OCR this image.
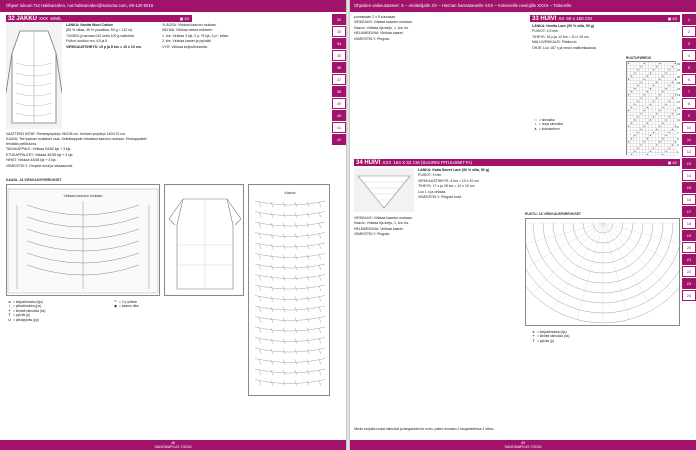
Ohjeet lukuun Tut Hakkareiden, nut.hakkareiden@sanoma.com, 09-120 5016
32 JAKKU XXX S/M/L	▣ 63

LANKA: Novita Wool Cotton

(55 % villaa, 45 % puuvillaa, 50 g = 112 m).

700/800 g harmaa 043 sekä 100 g valkoista

Puikot: koukku nro 4,5 ja 5

VIRKKAUSTIHEYS: 15 p ja 8 krs = 10 x 10 cm.

VAATTEEN MITAT: Rinnanympärys 96/108 cm, helman ympärys 160/170 cm.

KAAVA: Tee kaavan mukaiset osat. Selkäkappale virkataan kaavion mukaan. Etukappaleet tehdään peilikuvina.

TAKAKAPPALE: Virkkaa 54/60 kjs + 3 kjs.

ETUKAPPALEET: Virkkaa 30/36 kjs + 3 kjs.

HIHAT: Virkkaa 44/48 kjs + 3 kjs.

VIIMEISTELY: Ompele sivut ja olkasaumat.

YLÄOSA: Virkkaa kaavion mukaan.

HELMA: Virkkaa helma erikseen.

1. krs: Virkkaa 3 kjs, 2 p, *5 kjs, 3 p*, toista.

2. krs: Virkkaa kaaret ja pylväät.

VYÖ: Virkkaa ketjusilmukoita.

KAAVA- JA VIRKKAUSPIIRROKSET
Virkkaa kaavion mukaan
Kaavio
o = ketjusilmukka (kjs)
• = piilosilmukka (ps)
+ = kiinteä silmukka (ks)
T = pylväs (p)
∪ = pitkäpylväs (pp)
^ = 3 p yhteen
◆ = kaaren alku
32
33
34
35
36
37
38
39
40
41
42
48
SANOMAPLUS 7/2018
Ohjeiden vaikeusasteet: X – Aloittelijalle XX – Hieman harrastaneille XXX – Kokeneille neulojille XXXX – Taitureille

puristetaan 2 x 5 suuntaan.

VIRKKAUS: Virkkaa kaavion mukaan.

Kaavio: Virkkaa kjs-ketju, 1. krs: ks.

HELMAREUNA: Virkkaa kaaret.

VIIMEISTELY: Pingota.

33 HUIVI XX 60 x 150 CM	▣ 63

LANKA: Novita Lace (90 % villa, 50 g)

PUIKOT: 4,5 mm

TIHEYS: 16 p ja 12 krs = 10 x 10 cm

MALLIVIRKKAUS: Pitsikuvio

OHJE: Luo 187 s ja neulo mallivirkkausta.

RUUTUPIIRROS
29
27
25
23
21
19
17
15
13
11
9
7
5
3
1
□ = silmukka
• = nurja silmukka
∧ = kokoaminen
34 HUIVI XXX 164 X 52 CM (SUURIN PITUUSMITTA)	▣ 62

LANKA: Katia Sweet Lace (90 % villa, 50 g)

PUIKOT: 4 mm

VIRKKAUSTIHEYS: 4 krs = 10 x 10 cm

TIHEYS: 17 s ja 28 krs = 10 x 10 cm

Luo 1 s ja virkkaa.

VIIMEISTELY: Pingota huivi.

RUUTU- JA VIRKKAUSPIIRROKSET
o = ketjusilmukka (kjs)
+ = kiinteä silmukka (ks)
T = pylväs (p)

VIRKKAUS: Virkkaa kaavion mukaan.

Kaavio: Virkkaa kjs-ketju, 1. krs: ks.

HELMAREUNA: Virkkaa kaaret.

VIIMEISTELY: Pingota.

Neulo nurjalla nurjat silmukat ja langankierrot nurin, paitsi reunaan 2 langankiertoa 1 silmu.
1
2
3
4
5
6
7
8
9
10
11
12
13
14
15
16
17
18
19
20
21
22
23
24
49
SANOMAPLUS 7/2018
